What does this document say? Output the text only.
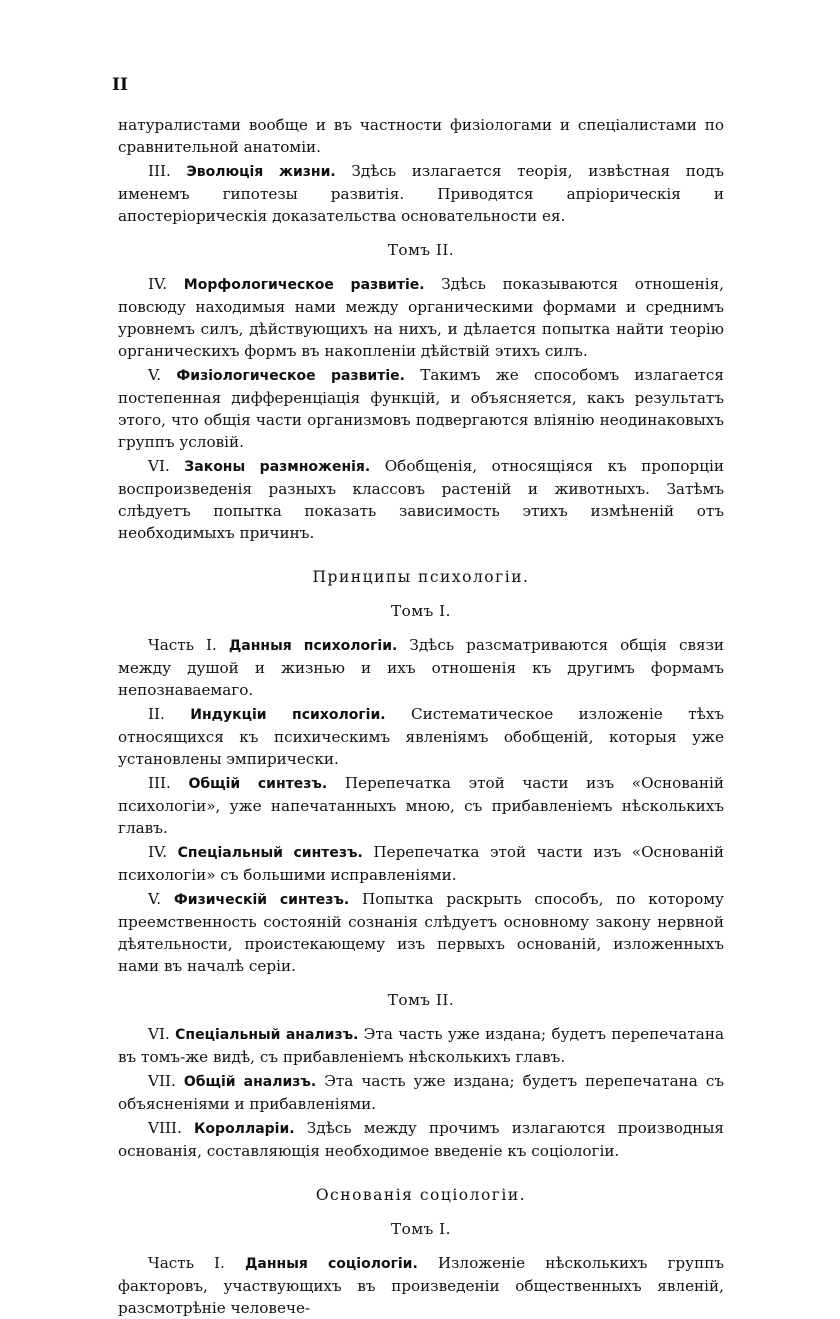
II

натуралистами вообще и въ частности физiологами и спецiалистами по сравнительной анатомiи.

III. Эволюцiя жизни. Здѣсь излагается теорiя, извѣстная подъ именемъ гипотезы развитiя. Приводятся апрiорическiя и апостерiорическiя доказательства основательности ея.

Томъ II.

IV. Морфологическое развитiе. Здѣсь показываются отношенiя, повсюду находимыя нами между органическими формами и среднимъ уровнемъ силъ, дѣйствующихъ на нихъ, и дѣлается попытка найти теорiю органическихъ формъ въ накопленiи дѣйствiй этихъ силъ.

V. Физiологическое развитiе. Такимъ же способомъ излагается постепенная дифференцiацiя функцiй, и объясняется, какъ результатъ этого, что общiя части организмовъ подвергаются влiянiю неодинаковыхъ группъ условiй.

VI. Законы размноженiя. Обобщенiя, относящiяся къ пропорцiи воспроизведенiя разныхъ классовъ растенiй и животныхъ. Затѣмъ слѣдуетъ попытка показать зависимость этихъ измѣненiй отъ необходимыхъ причинъ.

Принципы психологiи.
Томъ I.

Часть I. Данныя психологiи. Здѣсь разсматриваются общiя связи между душой и жизнью и ихъ отношенiя къ другимъ формамъ непознаваемаго.

II. Индукцiи психологiи. Систематическое изложенiе тѣхъ относящихся къ психическимъ явленiямъ обобщенiй, которыя уже установлены эмпирически.

III. Общiй синтезъ. Перепечатка этой части изъ «Основанiй психологiи», уже напечатанныхъ мною, съ прибавленiемъ нѣсколькихъ главъ.

IV. Спецiальный синтезъ. Перепечатка этой части изъ «Основанiй психологiи» съ большими исправленiями.

V. Физическiй синтезъ. Попытка раскрыть способъ, по которому преемственность состоянiй сознанiя слѣдуетъ основному закону нервной дѣятельности, проистекающему изъ первыхъ основанiй, изложенныхъ нами въ началѣ серiи.

Томъ II.

VI. Спецiальный анализъ. Эта часть уже издана; будетъ перепечатана въ томъ-же видѣ, съ прибавленiемъ нѣсколькихъ главъ.

VII. Общiй анализъ. Эта часть уже издана; будетъ перепечатана съ объясненiями и прибавленiями.

VIII. Королларiи. Здѣсь между прочимъ излагаются производныя основанiя, составляющiя необходимое введенiе къ соцiологiи.

Основанiя соцiологiи.
Томъ I.

Часть I. Данныя соцiологiи. Изложенiе нѣсколькихъ группъ факторовъ, участвующихъ въ произведенiи общественныхъ явленiй, разсмотрѣнiе человече-
